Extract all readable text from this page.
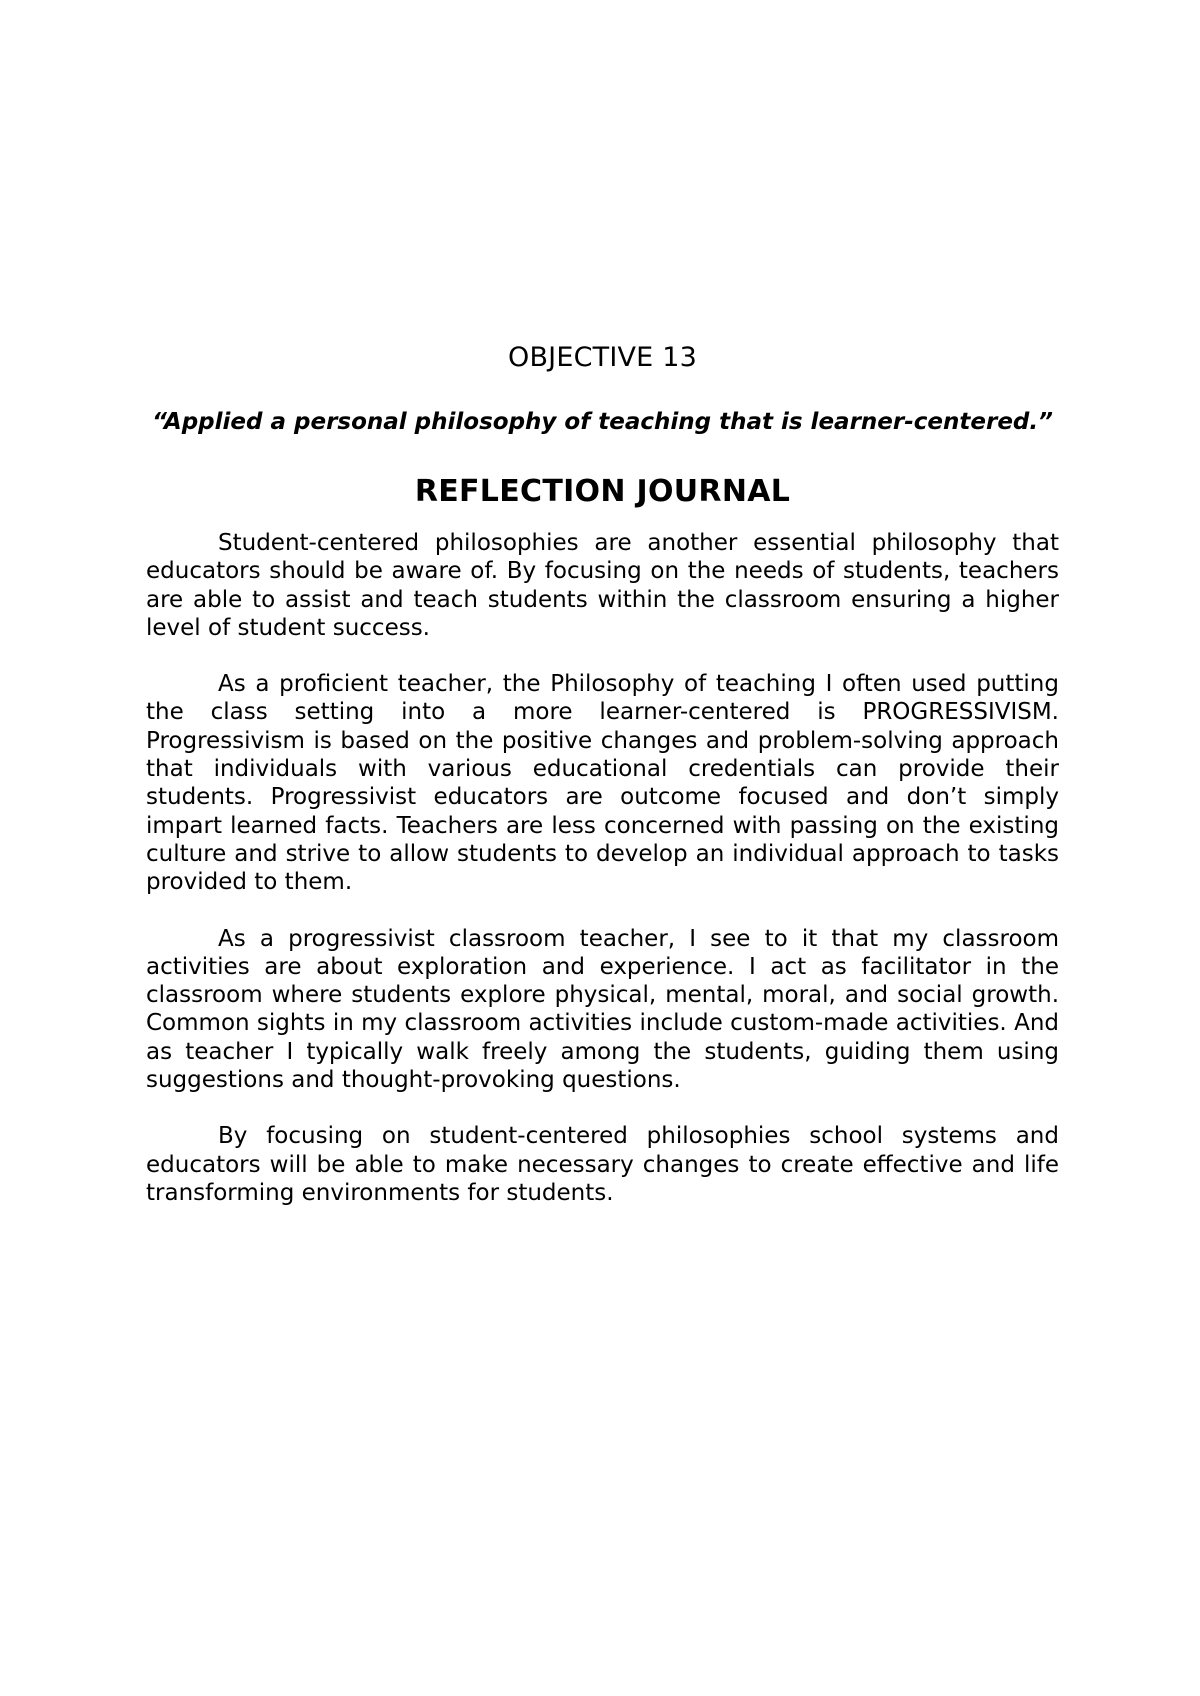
OBJECTIVE 13

“Applied a personal philosophy of teaching that is learner-centered.”

REFLECTION JOURNAL

Student-centered philosophies are another essential philosophy that educators should be aware of. By focusing on the needs of students, teachers are able to assist and teach students within the classroom ensuring a higher level of student success.

As a proficient teacher, the Philosophy of teaching I often used putting the class setting into a more learner-centered is PROGRESSIVISM. Progressivism is based on the positive changes and problem-solving approach that individuals with various educational credentials can provide their students. Progressivist educators are outcome focused and don’t simply impart learned facts. Teachers are less concerned with passing on the existing culture and strive to allow students to develop an individual approach to tasks provided to them.

As a progressivist classroom teacher, I see to it that my classroom activities are about exploration and experience. I act as facilitator in the classroom where students explore physical, mental, moral, and social growth. Common sights in my classroom activities include custom-made activities. And as teacher I typically walk freely among the students, guiding them using suggestions and thought-provoking questions.

By focusing on student-centered philosophies school systems and educators will be able to make necessary changes to create effective and life transforming environments for students.
